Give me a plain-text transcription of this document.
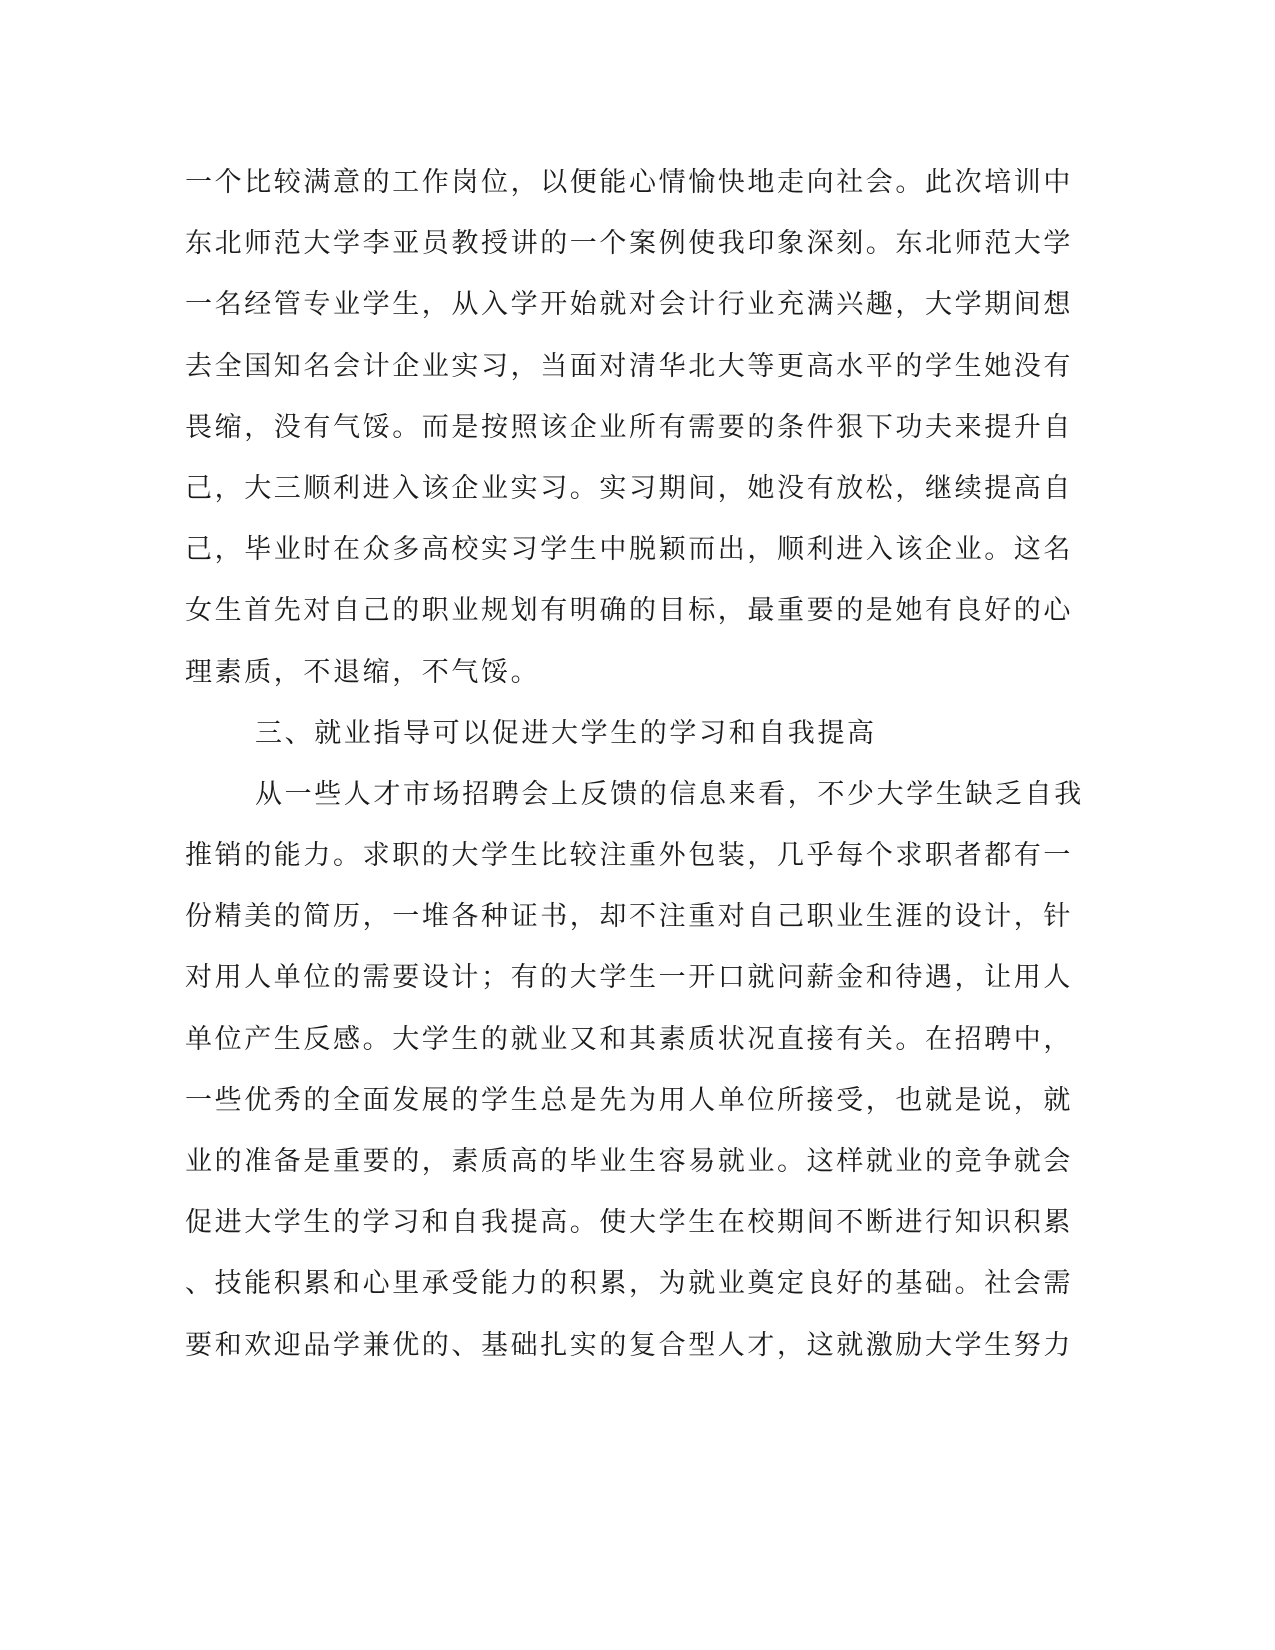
一个比较满意的工作岗位，以便能心情愉快地走向社会。此次培训中
东北师范大学李亚员教授讲的一个案例使我印象深刻。东北师范大学
一名经管专业学生，从入学开始就对会计行业充满兴趣，大学期间想
去全国知名会计企业实习，当面对清华北大等更高水平的学生她没有
畏缩，没有气馁。而是按照该企业所有需要的条件狠下功夫来提升自
己，大三顺利进入该企业实习。实习期间，她没有放松，继续提高自
己，毕业时在众多高校实习学生中脱颖而出，顺利进入该企业。这名
女生首先对自己的职业规划有明确的目标，最重要的是她有良好的心
理素质，不退缩，不气馁。
三、就业指导可以促进大学生的学习和自我提高
从一些人才市场招聘会上反馈的信息来看，不少大学生缺乏自我
推销的能力。求职的大学生比较注重外包装，几乎每个求职者都有一
份精美的简历，一堆各种证书，却不注重对自己职业生涯的设计，针
对用人单位的需要设计；有的大学生一开口就问薪金和待遇，让用人
单位产生反感。大学生的就业又和其素质状况直接有关。在招聘中，
一些优秀的全面发展的学生总是先为用人单位所接受，也就是说，就
业的准备是重要的，素质高的毕业生容易就业。这样就业的竞争就会
促进大学生的学习和自我提高。使大学生在校期间不断进行知识积累
、技能积累和心里承受能力的积累，为就业奠定良好的基础。社会需
要和欢迎品学兼优的、基础扎实的复合型人才，这就激励大学生努力
